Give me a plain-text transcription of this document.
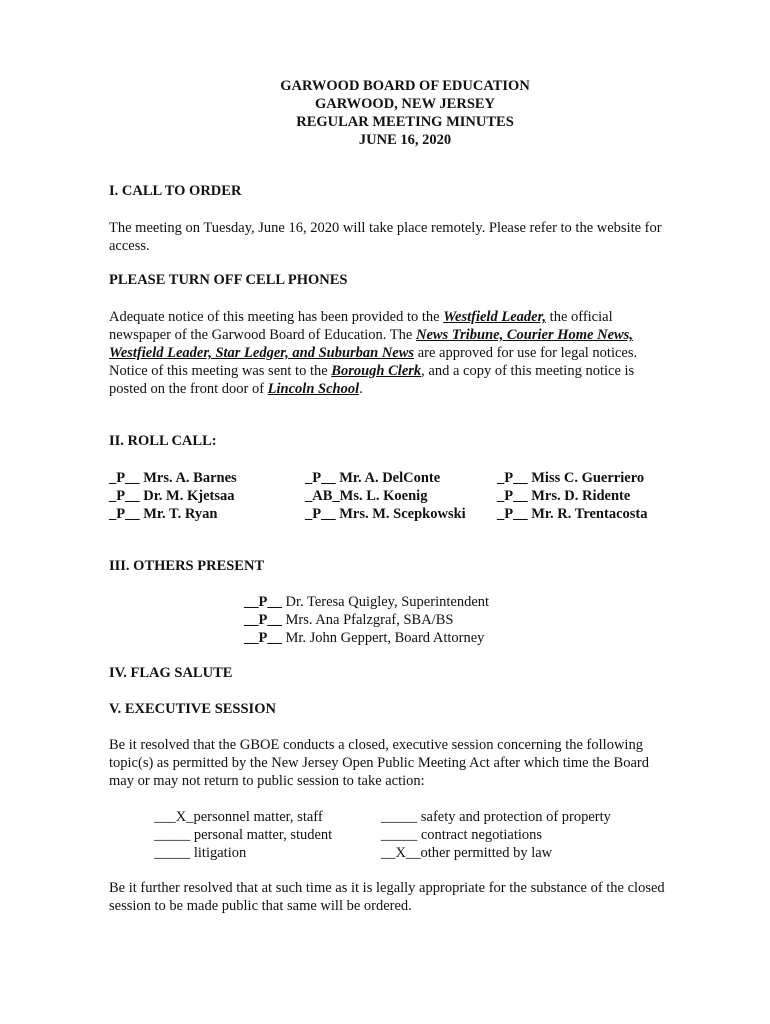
GARWOOD BOARD OF EDUCATION
GARWOOD, NEW JERSEY
REGULAR MEETING MINUTES
JUNE 16, 2020
I. CALL TO ORDER
The meeting on Tuesday, June 16, 2020 will take place remotely. Please refer to the website for
access.
PLEASE TURN OFF CELL PHONES
Adequate notice of this meeting has been provided to the Westfield Leader, the official
newspaper of the Garwood Board of Education. The News Tribune, Courier Home News,
Westfield Leader, Star Ledger, and Suburban News are approved for use for legal notices.
Notice of this meeting was sent to the Borough Clerk, and a copy of this meeting notice is
posted on the front door of Lincoln School.
II. ROLL CALL:
_P__ Mrs. A. Barnes
_P__ Dr. M. Kjetsaa
_P__ Mr. T. Ryan
_P__ Mr. A. DelConte
_AB_Ms. L. Koenig
_P__ Mrs. M. Scepkowski
_P__ Miss C. Guerriero
_P__ Mrs. D. Ridente
_P__ Mr. R. Trentacosta
III. OTHERS PRESENT
__P__ Dr. Teresa Quigley, Superintendent
__P__ Mrs. Ana Pfalzgraf, SBA/BS
__P__ Mr. John Geppert, Board Attorney
IV. FLAG SALUTE
V. EXECUTIVE SESSION
Be it resolved that the GBOE conducts a closed, executive session concerning the following
topic(s) as permitted by the New Jersey Open Public Meeting Act after which time the Board
may or may not return to public session to take action:
___X_personnel matter, staff
_____ personal matter, student
_____ litigation
_____ safety and protection of property
_____ contract negotiations
__X__other permitted by law
Be it further resolved that at such time as it is legally appropriate for the substance of the closed
session to be made public that same will be ordered.
